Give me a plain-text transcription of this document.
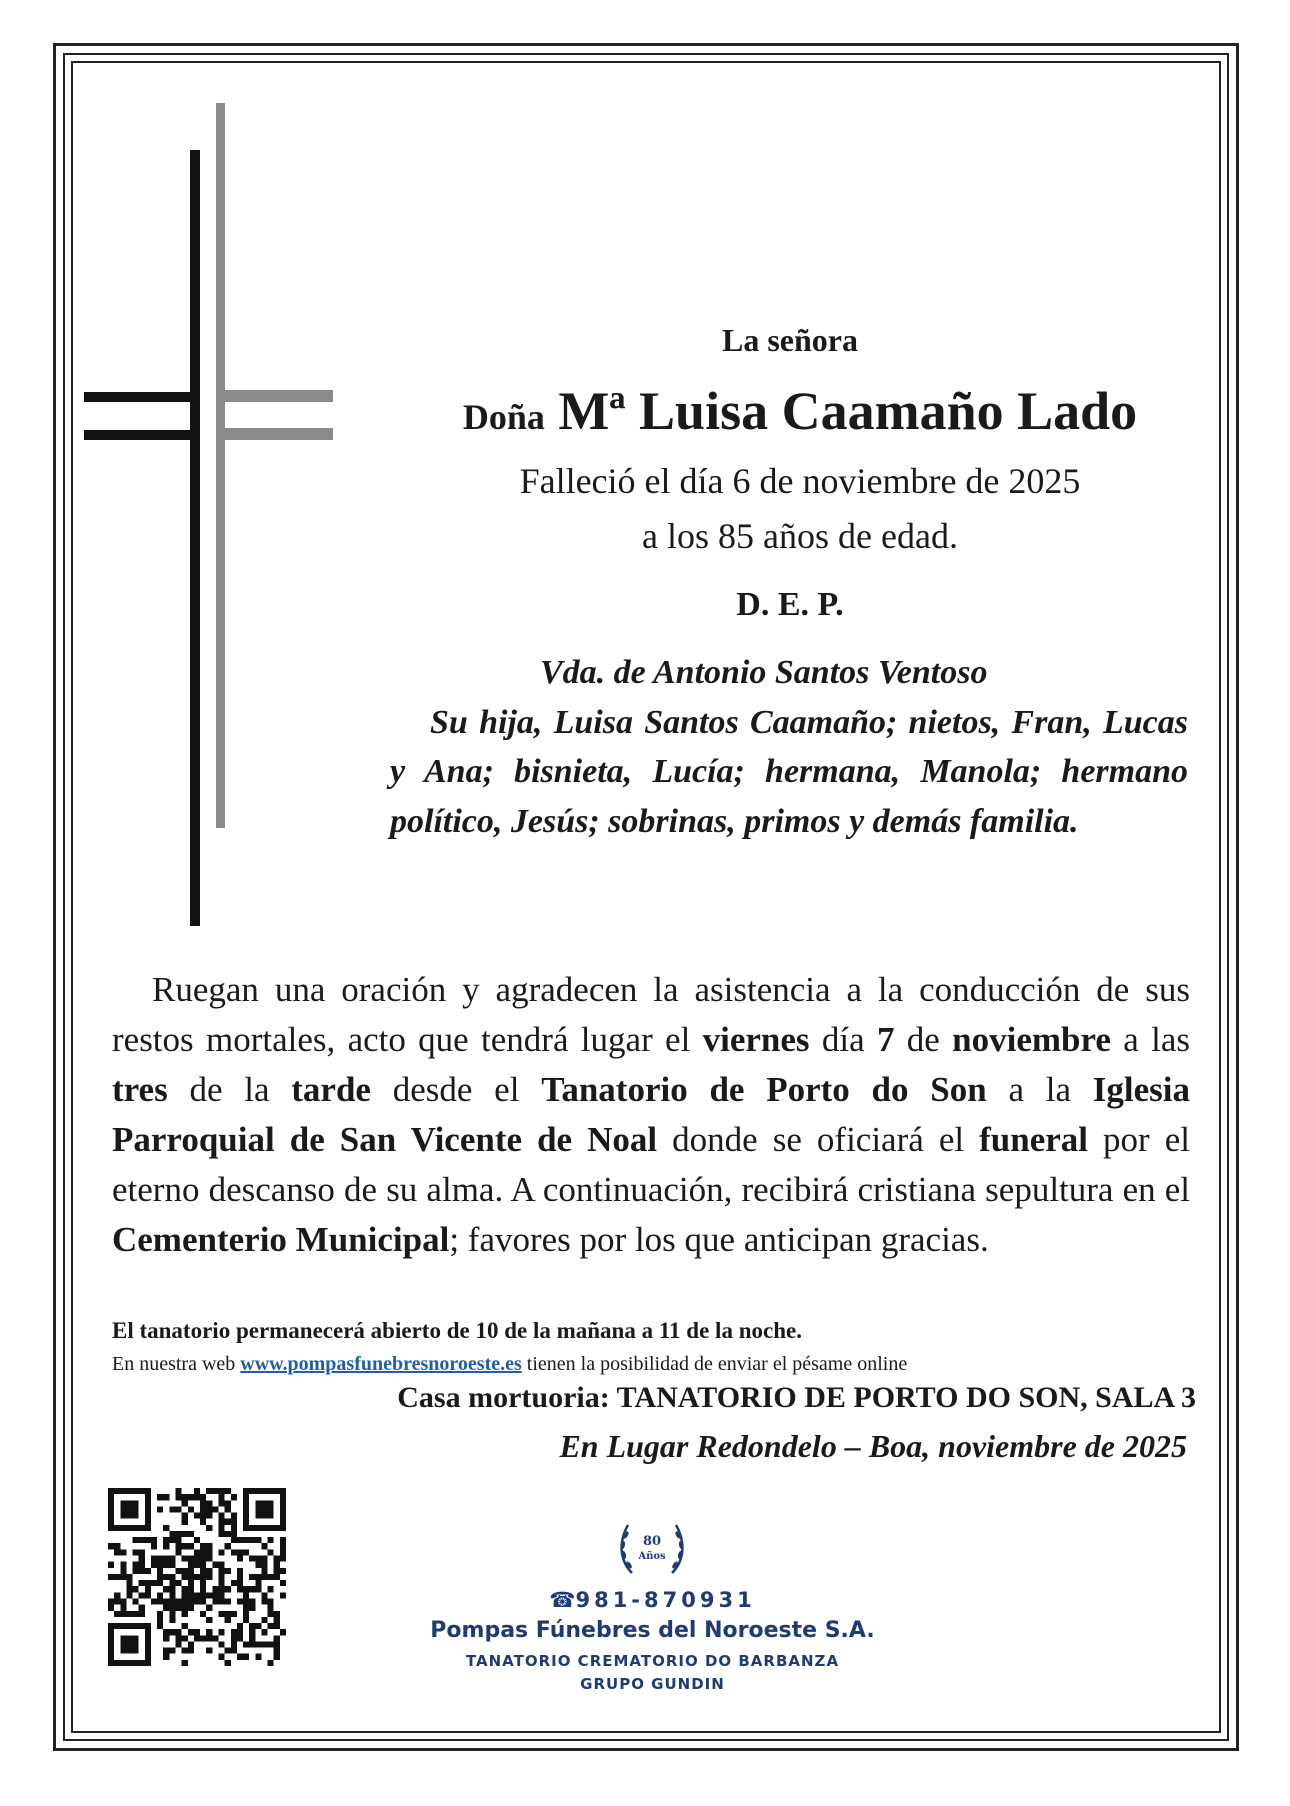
La señora

Doña Mª Luisa Caamaño Lado

Falleció el día 6 de noviembre de 2025

a los 85 años de edad.

D. E. P.

Vda. de Antonio Santos Ventoso

Su hija, Luisa Santos Caamaño; nietos, Fran, Lucas y Ana; bisnieta, Lucía; hermana, Manola; hermano político, Jesús; sobrinas, primos y demás familia.

Ruegan una oración y agradecen la asistencia a la conducción de sus restos mortales, acto que tendrá lugar el viernes día 7 de noviembre a las tres de la tarde desde el Tanatorio de Porto do Son a la Iglesia Parroquial de San Vicente de Noal donde se oficiará el funeral por el eterno descanso de su alma. A continuación, recibirá cristiana sepultura en el Cementerio Municipal; favores por los que anticipan gracias.

El tanatorio permanecerá abierto de 10 de la mañana a 11 de la noche.

En nuestra web www.pompasfunebresnoroeste.es tienen la posibilidad de enviar el pésame online

Casa mortuoria: TANATORIO DE PORTO DO SON, SALA 3

En Lugar Redondelo – Boa, noviembre de 2025

80
Años

☎981-870931

Pompas Fúnebres del Noroeste S.A.

TANATORIO CREMATORIO DO BARBANZA

GRUPO GUNDIN
